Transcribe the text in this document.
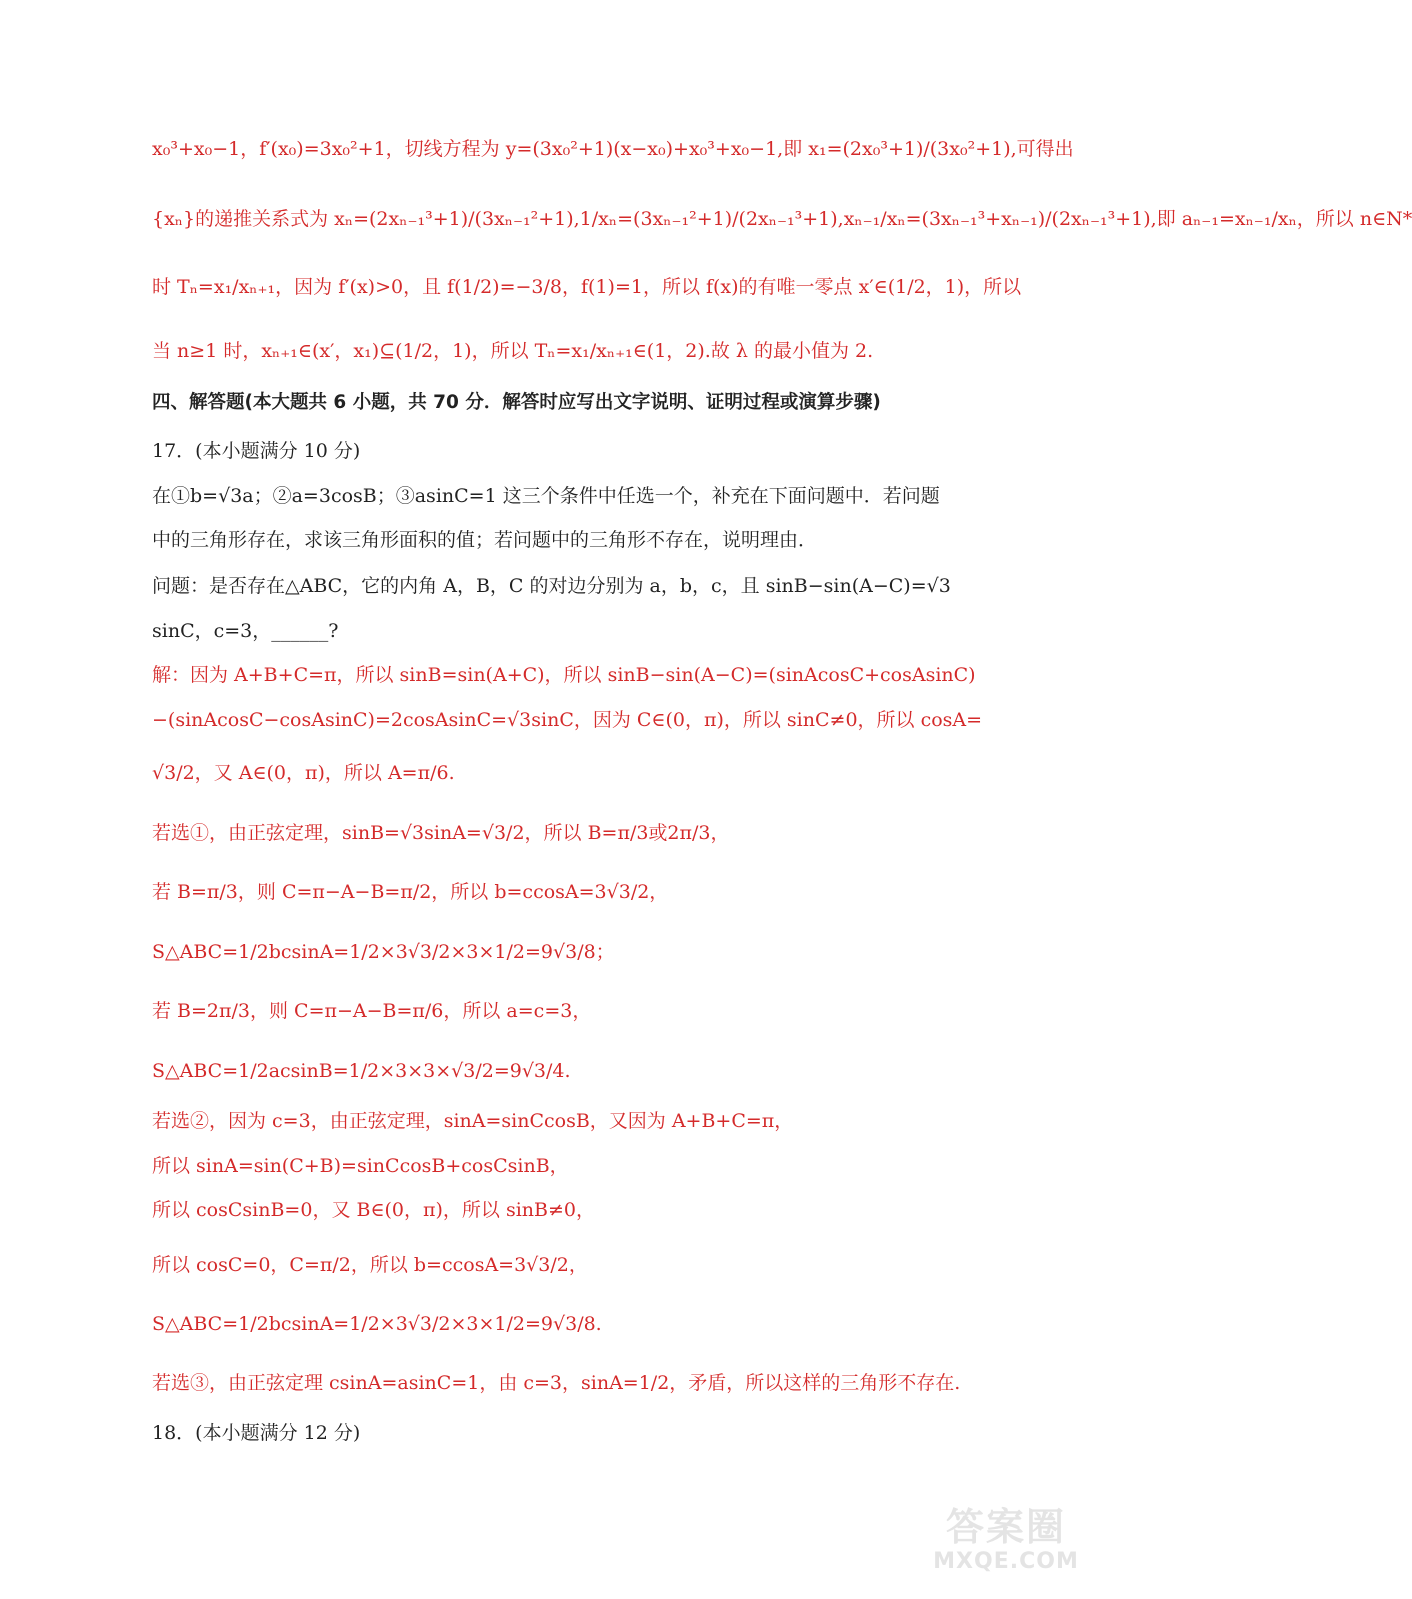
x₀³+x₀−1，f′(x₀)=3x₀²+1，切线方程为 y=(3x₀²+1)(x−x₀)+x₀³+x₀−1,即 x₁=(2x₀³+1)/(3x₀²+1),可得出
{xₙ}的递推关系式为 xₙ=(2xₙ₋₁³+1)/(3xₙ₋₁²+1),1/xₙ=(3xₙ₋₁²+1)/(2xₙ₋₁³+1),xₙ₋₁/xₙ=(3xₙ₋₁³+xₙ₋₁)/(2xₙ₋₁³+1),即 aₙ₋₁=xₙ₋₁/xₙ，所以 n∈N*
时 Tₙ=x₁/xₙ₊₁，因为 f′(x)>0，且 f(1/2)=−3/8，f(1)=1，所以 f(x)的有唯一零点 x′∈(1/2，1)，所以
当 n≥1 时，xₙ₊₁∈(x′，x₁)⊆(1/2，1)，所以 Tₙ=x₁/xₙ₊₁∈(1，2).故 λ 的最小值为 2.
四、解答题(本大题共 6 小题，共 70 分．解答时应写出文字说明、证明过程或演算步骤)
17．(本小题满分 10 分)
在①b=√3a；②a=3cosB；③asinC=1 这三个条件中任选一个，补充在下面问题中．若问题
中的三角形存在，求该三角形面积的值；若问题中的三角形不存在，说明理由．
问题：是否存在△ABC，它的内角 A，B，C 的对边分别为 a，b，c，且 sinB−sin(A−C)=√3
sinC，c=3，______?
解：因为 A+B+C=π，所以 sinB=sin(A+C)，所以 sinB−sin(A−C)=(sinAcosC+cosAsinC)
−(sinAcosC−cosAsinC)=2cosAsinC=√3sinC，因为 C∈(0，π)，所以 sinC≠0，所以 cosA=
√3/2，又 A∈(0，π)，所以 A=π/6.
若选①，由正弦定理，sinB=√3sinA=√3/2，所以 B=π/3或2π/3，
若 B=π/3，则 C=π−A−B=π/2，所以 b=ccosA=3√3/2，
S△ABC=1/2bcsinA=1/2×3√3/2×3×1/2=9√3/8；
若 B=2π/3，则 C=π−A−B=π/6，所以 a=c=3，
S△ABC=1/2acsinB=1/2×3×3×√3/2=9√3/4.
若选②，因为 c=3，由正弦定理，sinA=sinCcosB，又因为 A+B+C=π，
所以 sinA=sin(C+B)=sinCcosB+cosCsinB，
所以 cosCsinB=0，又 B∈(0，π)，所以 sinB≠0，
所以 cosC=0，C=π/2，所以 b=ccosA=3√3/2，
S△ABC=1/2bcsinA=1/2×3√3/2×3×1/2=9√3/8.
若选③，由正弦定理 csinA=asinC=1，由 c=3，sinA=1/2，矛盾，所以这样的三角形不存在.
18．(本小题满分 12 分)
答案圈
MXQE.COM
